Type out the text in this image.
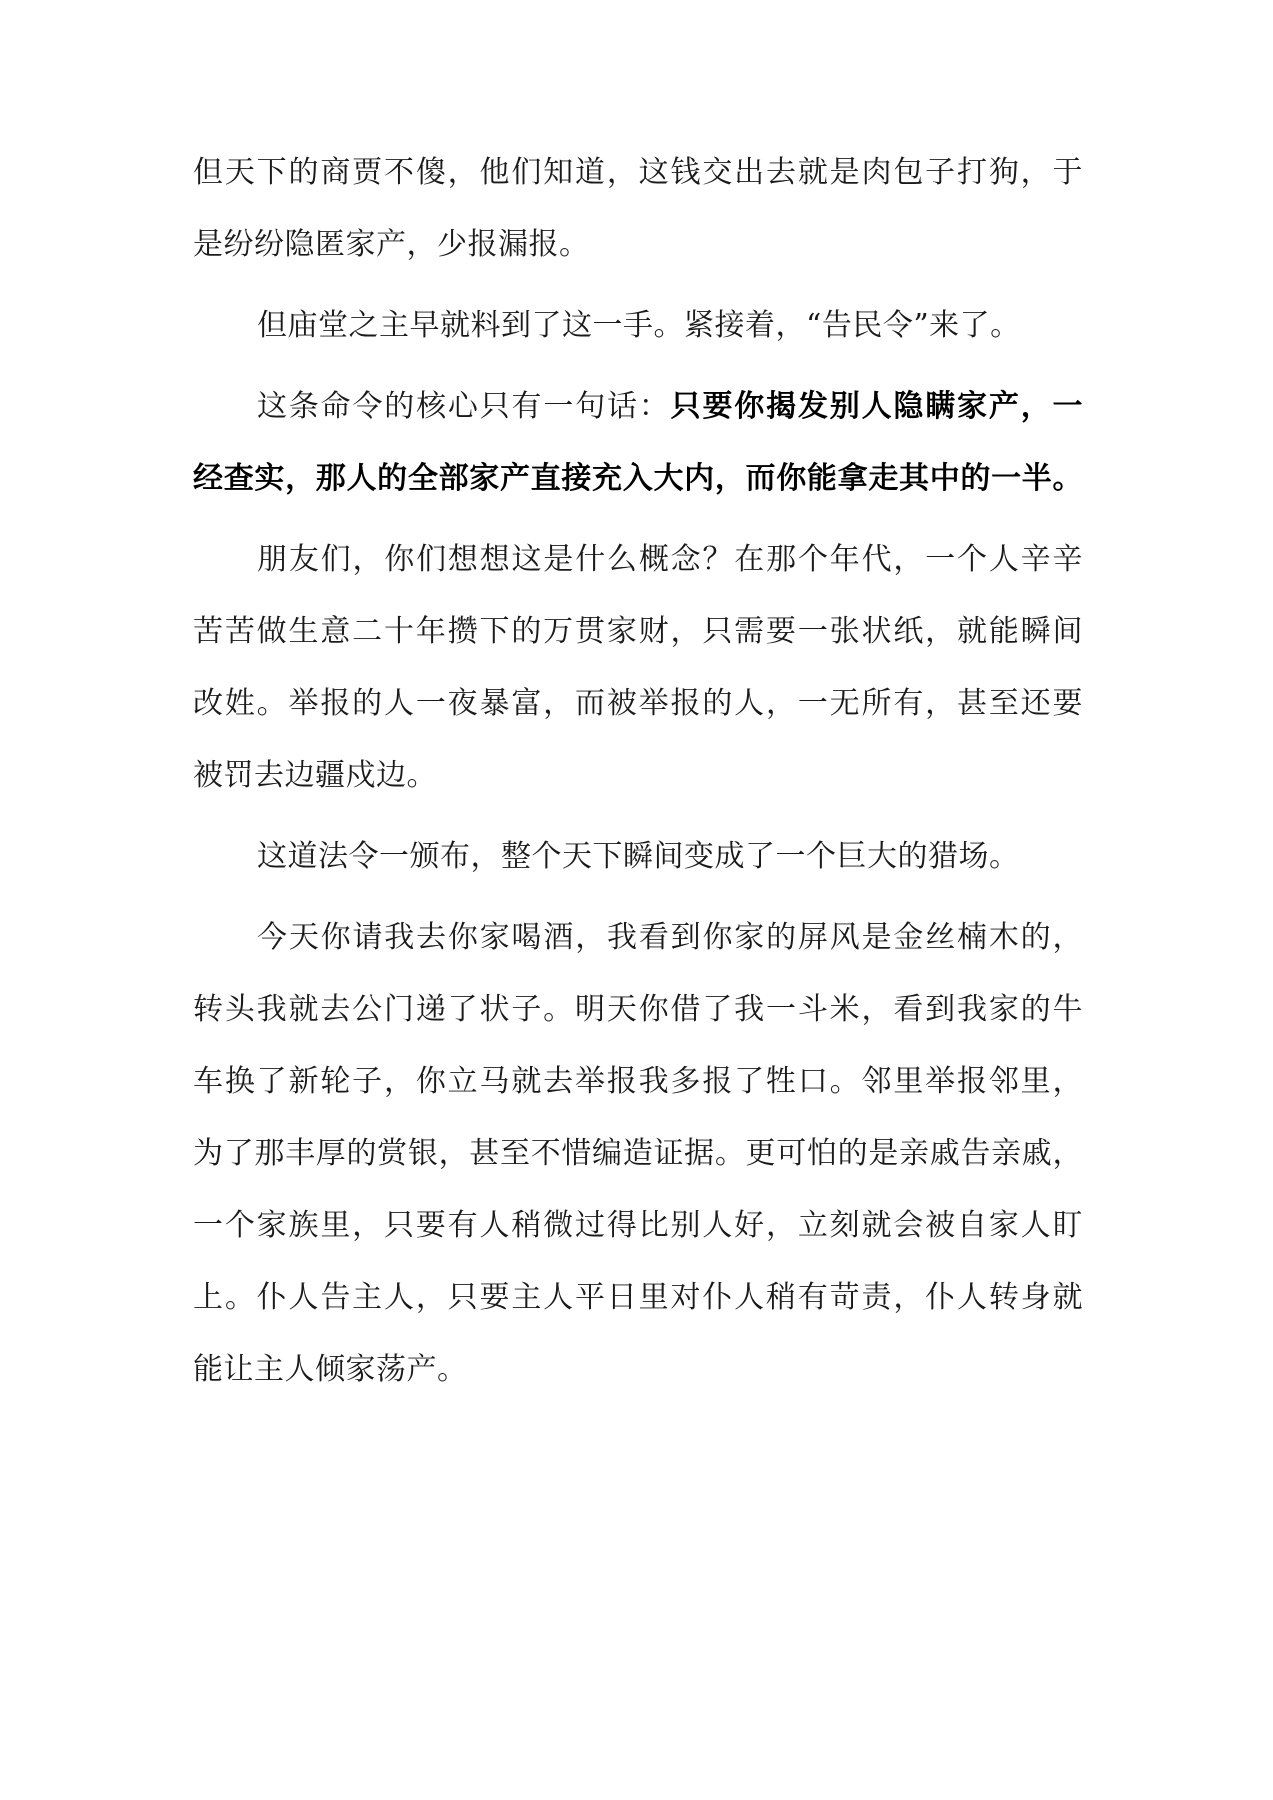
但天下的商贾不傻，他们知道，这钱交出去就是肉包子打狗，于
是纷纷隐匿家产，少报漏报。
但庙堂之主早就料到了这一手。紧接着，“告民令”来了。
这条命令的核心只有一句话：只要你揭发别人隐瞒家产，一
经查实，那人的全部家产直接充入大内，而你能拿走其中的一半。
朋友们，你们想想这是什么概念？在那个年代，一个人辛辛
苦苦做生意二十年攒下的万贯家财，只需要一张状纸，就能瞬间
改姓。举报的人一夜暴富，而被举报的人，一无所有，甚至还要
被罚去边疆戍边。
这道法令一颁布，整个天下瞬间变成了一个巨大的猎场。
今天你请我去你家喝酒，我看到你家的屏风是金丝楠木的，
转头我就去公门递了状子。明天你借了我一斗米，看到我家的牛
车换了新轮子，你立马就去举报我多报了牲口。邻里举报邻里，
为了那丰厚的赏银，甚至不惜编造证据。更可怕的是亲戚告亲戚，
一个家族里，只要有人稍微过得比别人好，立刻就会被自家人盯
上。仆人告主人，只要主人平日里对仆人稍有苛责，仆人转身就
能让主人倾家荡产。
